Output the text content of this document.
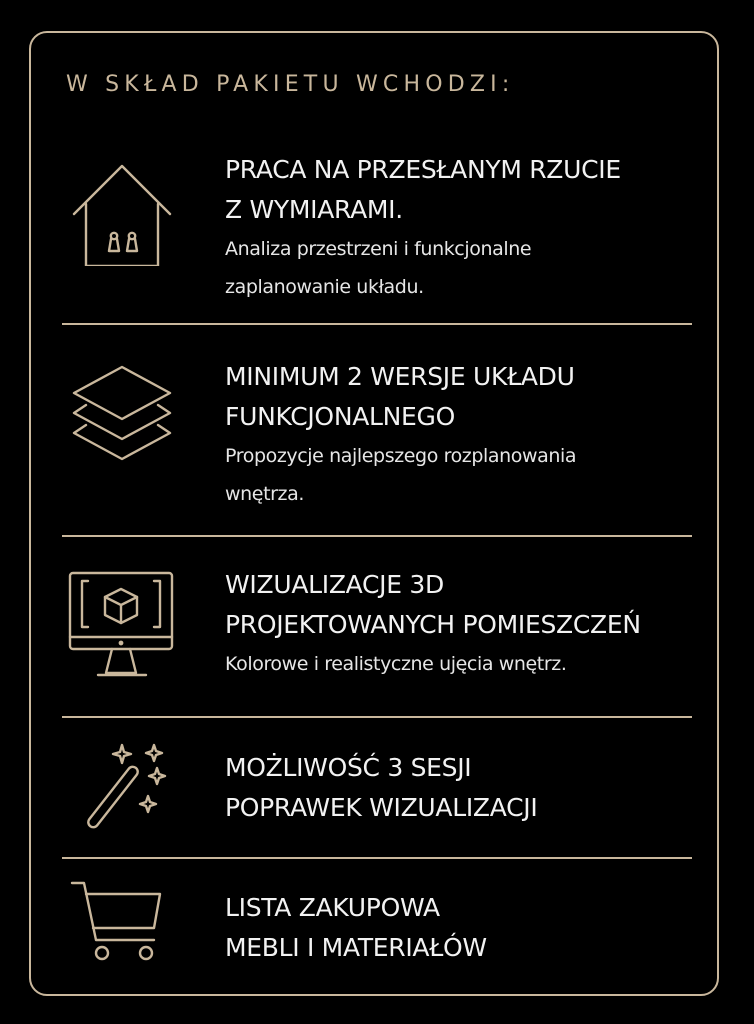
W SKŁAD PAKIETU WCHODZI:

PRACA NA PRZESŁANYM RZUCIE
Z WYMIARAMI.

Analiza przestrzeni i funkcjonalne
zaplanowanie układu.

MINIMUM 2 WERSJE UKŁADU
FUNKCJONALNEGO

Propozycje najlepszego rozplanowania
wnętrza.

WIZUALIZACJE 3D
PROJEKTOWANYCH POMIESZCZEŃ

Kolorowe i realistyczne ujęcia wnętrz.

MOŻLIWOŚĆ 3 SESJI
POPRAWEK WIZUALIZACJI

LISTA ZAKUPOWA
MEBLI I MATERIAŁÓW
